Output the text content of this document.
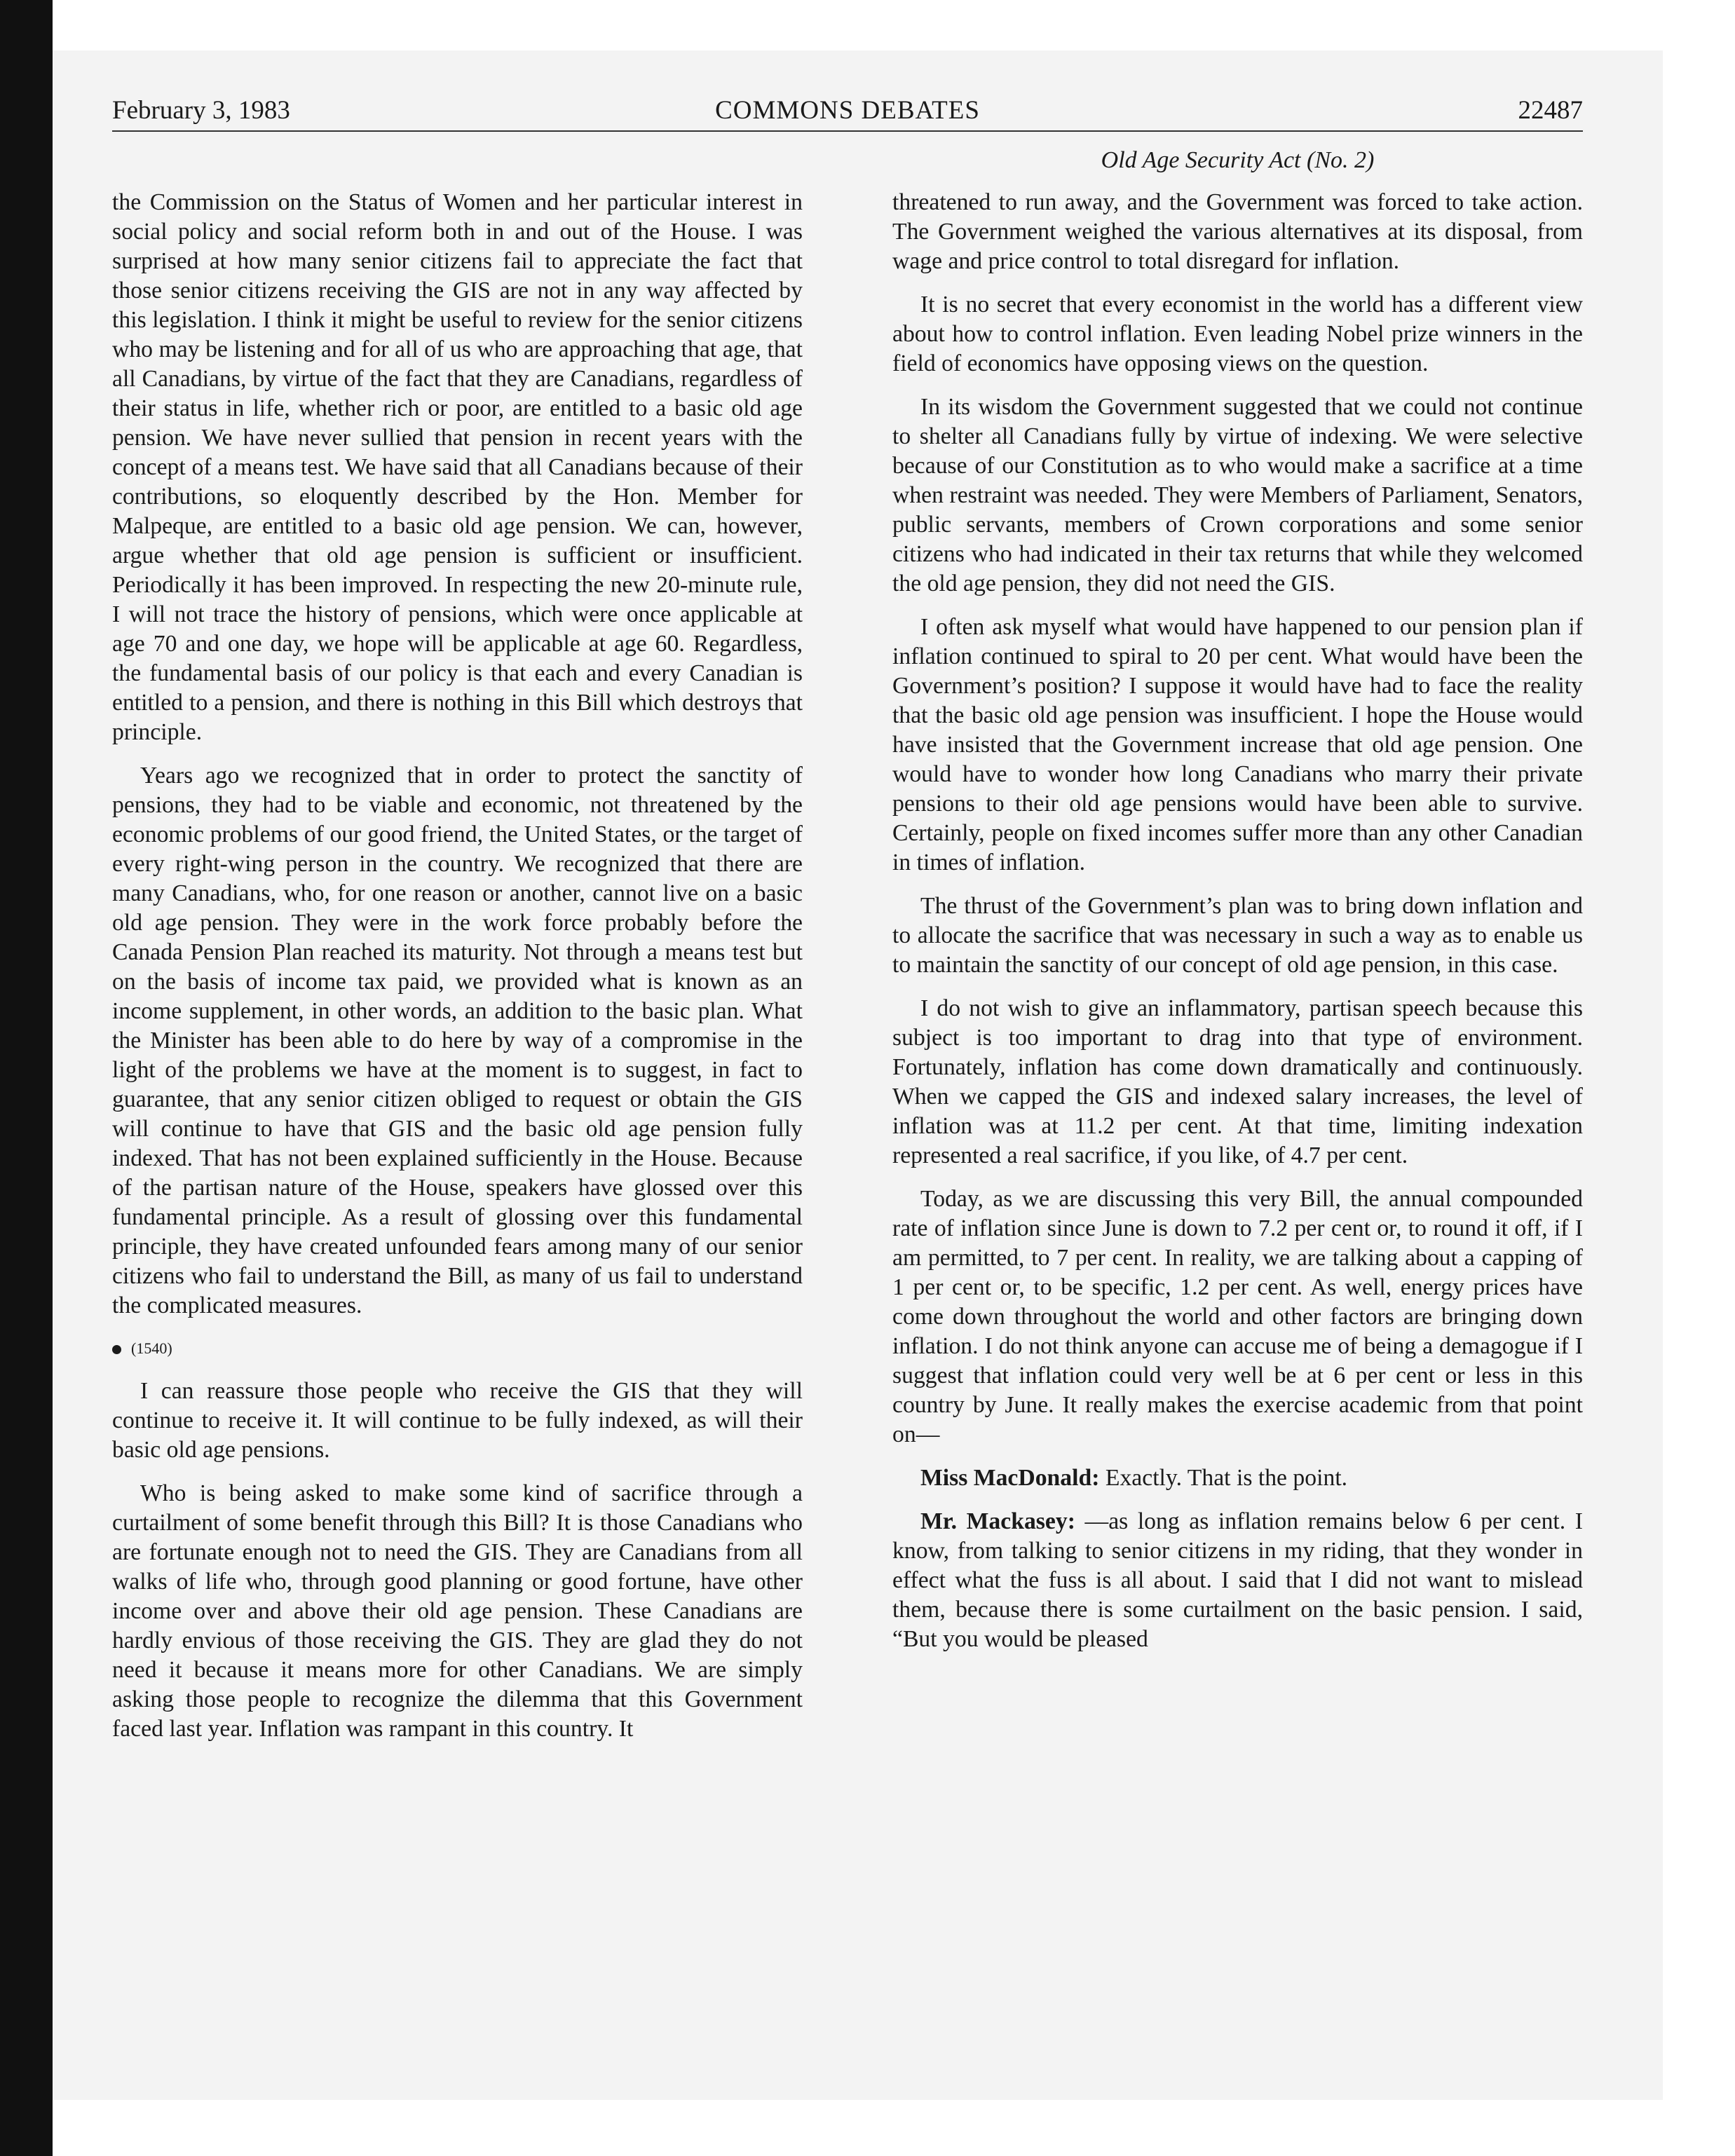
February 3, 1983	COMMONS DEBATES	22487
Old Age Security Act (No. 2)

the Commission on the Status of Women and her particular interest in social policy and social reform both in and out of the House. I was surprised at how many senior citizens fail to appreciate the fact that those senior citizens receiving the GIS are not in any way affected by this legislation. I think it might be useful to review for the senior citizens who may be listening and for all of us who are approaching that age, that all Canadians, by virtue of the fact that they are Canadians, regardless of their status in life, whether rich or poor, are entitled to a basic old age pension. We have never sullied that pension in recent years with the concept of a means test. We have said that all Canadians because of their contributions, so eloquently described by the Hon. Member for Malpeque, are entitled to a basic old age pension. We can, however, argue whether that old age pension is sufficient or insufficient. Periodically it has been improved. In respecting the new 20-minute rule, I will not trace the history of pensions, which were once applicable at age 70 and one day, we hope will be applicable at age 60. Regardless, the fundamental basis of our policy is that each and every Canadian is entitled to a pension, and there is nothing in this Bill which destroys that principle.

Years ago we recognized that in order to protect the sanctity of pensions, they had to be viable and economic, not threatened by the economic problems of our good friend, the United States, or the target of every right-wing person in the country. We recognized that there are many Canadians, who, for one reason or another, cannot live on a basic old age pension. They were in the work force probably before the Canada Pension Plan reached its maturity. Not through a means test but on the basis of income tax paid, we provided what is known as an income supplement, in other words, an addition to the basic plan. What the Minister has been able to do here by way of a compromise in the light of the problems we have at the moment is to suggest, in fact to guarantee, that any senior citizen obliged to request or obtain the GIS will continue to have that GIS and the basic old age pension fully indexed. That has not been explained sufficiently in the House. Because of the partisan nature of the House, speakers have glossed over this fundamental principle. As a result of glossing over this fundamental principle, they have created unfounded fears among many of our senior citizens who fail to understand the Bill, as many of us fail to understand the complicated measures.

(1540)

I can reassure those people who receive the GIS that they will continue to receive it. It will continue to be fully indexed, as will their basic old age pensions.

Who is being asked to make some kind of sacrifice through a curtailment of some benefit through this Bill? It is those Canadians who are fortunate enough not to need the GIS. They are Canadians from all walks of life who, through good planning or good fortune, have other income over and above their old age pension. These Canadians are hardly envious of those receiving the GIS. They are glad they do not need it because it means more for other Canadians. We are simply asking those people to recognize the dilemma that this Government faced last year. Inflation was rampant in this country. It

threatened to run away, and the Government was forced to take action. The Government weighed the various alternatives at its disposal, from wage and price control to total disregard for inflation.

It is no secret that every economist in the world has a different view about how to control inflation. Even leading Nobel prize winners in the field of economics have opposing views on the question.

In its wisdom the Government suggested that we could not continue to shelter all Canadians fully by virtue of indexing. We were selective because of our Constitution as to who would make a sacrifice at a time when restraint was needed. They were Members of Parliament, Senators, public servants, members of Crown corporations and some senior citizens who had indicated in their tax returns that while they welcomed the old age pension, they did not need the GIS.

I often ask myself what would have happened to our pension plan if inflation continued to spiral to 20 per cent. What would have been the Government’s position? I suppose it would have had to face the reality that the basic old age pension was insufficient. I hope the House would have insisted that the Government increase that old age pension. One would have to wonder how long Canadians who marry their private pensions to their old age pensions would have been able to survive. Certainly, people on fixed incomes suffer more than any other Canadian in times of inflation.

The thrust of the Government’s plan was to bring down inflation and to allocate the sacrifice that was necessary in such a way as to enable us to maintain the sanctity of our concept of old age pension, in this case.

I do not wish to give an inflammatory, partisan speech because this subject is too important to drag into that type of environment. Fortunately, inflation has come down dramatically and continuously. When we capped the GIS and indexed salary increases, the level of inflation was at 11.2 per cent. At that time, limiting indexation represented a real sacrifice, if you like, of 4.7 per cent.

Today, as we are discussing this very Bill, the annual compounded rate of inflation since June is down to 7.2 per cent or, to round it off, if I am permitted, to 7 per cent. In reality, we are talking about a capping of 1 per cent or, to be specific, 1.2 per cent. As well, energy prices have come down throughout the world and other factors are bringing down inflation. I do not think anyone can accuse me of being a demagogue if I suggest that inflation could very well be at 6 per cent or less in this country by June. It really makes the exercise academic from that point on—

Miss MacDonald: Exactly. That is the point.

Mr. Mackasey: —as long as inflation remains below 6 per cent. I know, from talking to senior citizens in my riding, that they wonder in effect what the fuss is all about. I said that I did not want to mislead them, because there is some curtailment on the basic pension. I said, “But you would be pleased
